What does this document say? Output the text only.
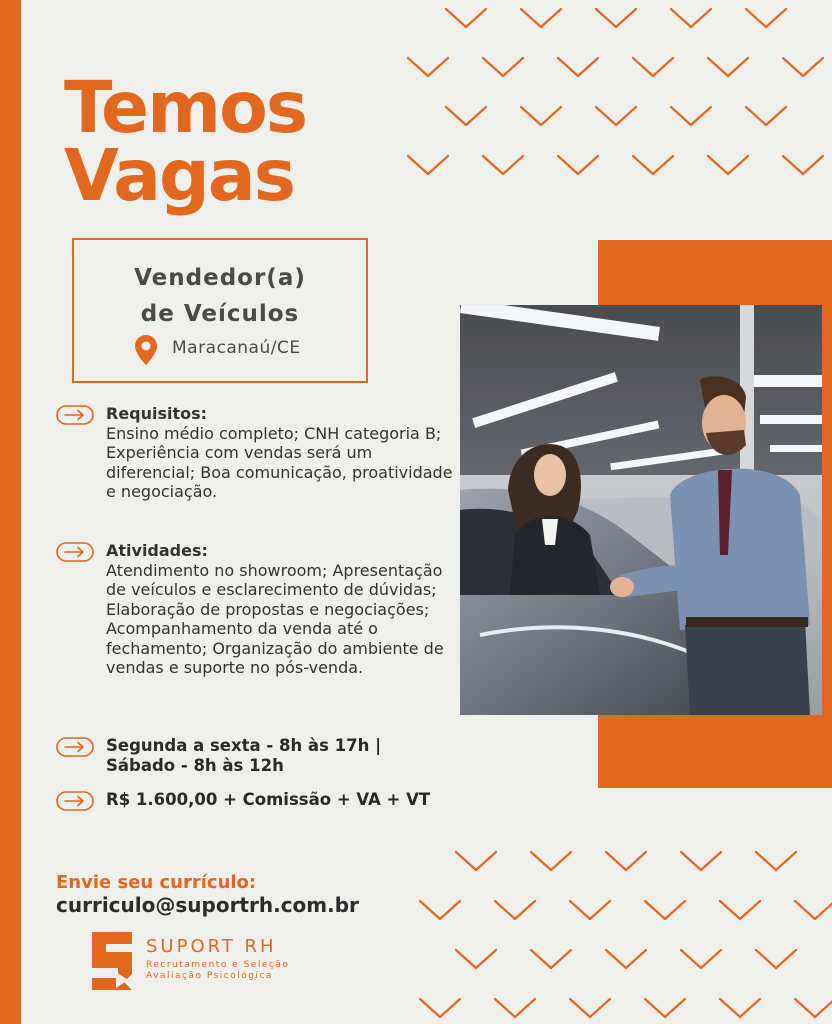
Temos
Vagas
Vendedor(a)
de Veículos
Maracanaú/CE
Requisitos:
Ensino médio completo; CNH categoria B; Experiência com vendas será um diferencial; Boa comunicação, proatividade e negociação.
Atividades:
Atendimento no showroom; Apresentação de veículos e esclarecimento de dúvidas; Elaboração de propostas e negociações; Acompanhamento da venda até o fechamento; Organização do ambiente de vendas e suporte no pós-venda.
Segunda a sexta - 8h às 17h |
Sábado - 8h às 12h
R$ 1.600,00 + Comissão + VA + VT
Envie seu currículo:
curriculo@suportrh.com.br
SUPORT RH
Recrutamento e Seleção
Avaliação Psicológica
